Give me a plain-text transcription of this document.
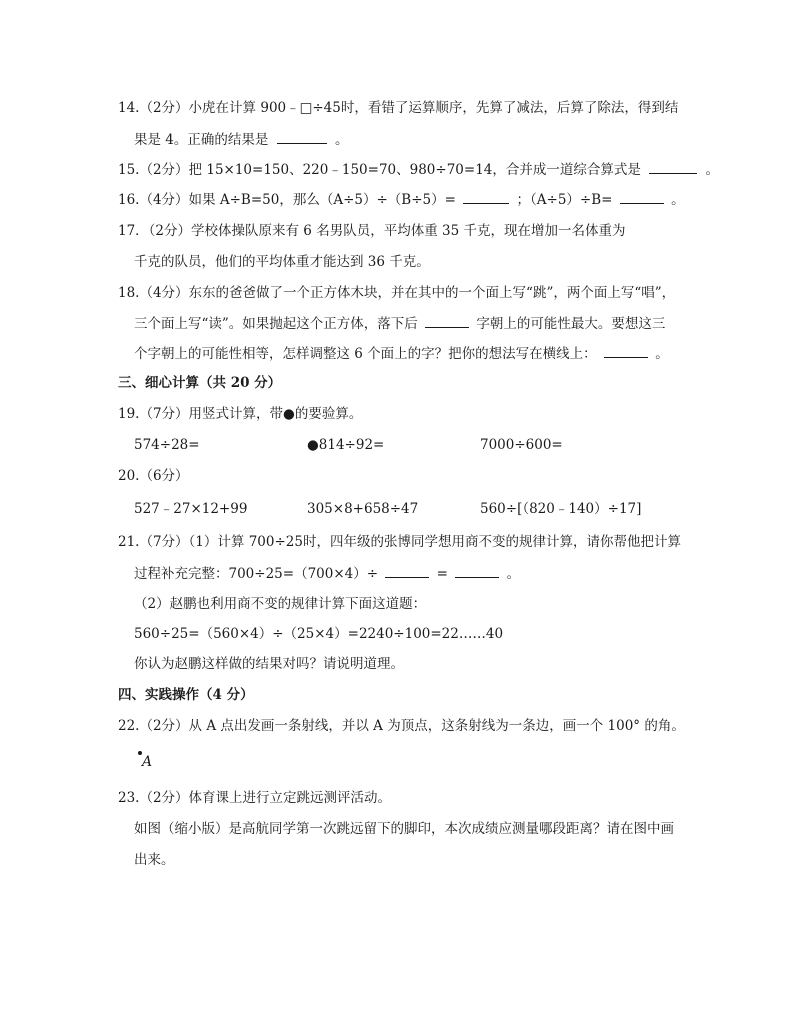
14.（2分）小虎在计算 900﹣□÷45时，看错了运算顺序，先算了减法，后算了除法，得到结
果是 4。正确的结果是	。
15.（2分）把 15×10=150、220﹣150=70、980÷70=14，合并成一道综合算式是	。
16.（4分）如果 A÷B=50，那么（A÷5）÷（B÷5）=	；（A÷5）÷B=	。
17．（2分）学校体操队原来有 6 名男队员，平均体重 35 千克，现在增加一名体重为
千克的队员，他们的平均体重才能达到 36 千克。
18.（4分）东东的爸爸做了一个正方体木块，并在其中的一个面上写“跳”，两个面上写“唱”，
三个面上写“读”。如果抛起这个正方体，落下后	字朝上的可能性最大。要想这三
个字朝上的可能性相等，怎样调整这 6 个面上的字？把你的想法写在横线上：	。
三、细心计算（共 20 分）
19.（7分）用竖式计算，带●的要验算。
574÷28=	●814÷92=	7000÷600=
20.（6分）
527﹣27×12+99	305×8+658÷47	560÷[（820﹣140）÷17]
21.（7分）（1）计算 700÷25时，四年级的张博同学想用商不变的规律计算，请你帮他把计算
过程补充完整：700÷25=（700×4）÷	=	。
（2）赵鹏也利用商不变的规律计算下面这道题：
560÷25=（560×4）÷（25×4）=2240÷100=22……40
你认为赵鹏这样做的结果对吗？请说明道理。
四、实践操作（4 分）
22.（2分）从 A 点出发画一条射线，并以 A 为顶点，这条射线为一条边，画一个 100° 的角。
A
23.（2分）体育课上进行立定跳远测评活动。
如图（缩小版）是高航同学第一次跳远留下的脚印，本次成绩应测量哪段距离？请在图中画
出来。
